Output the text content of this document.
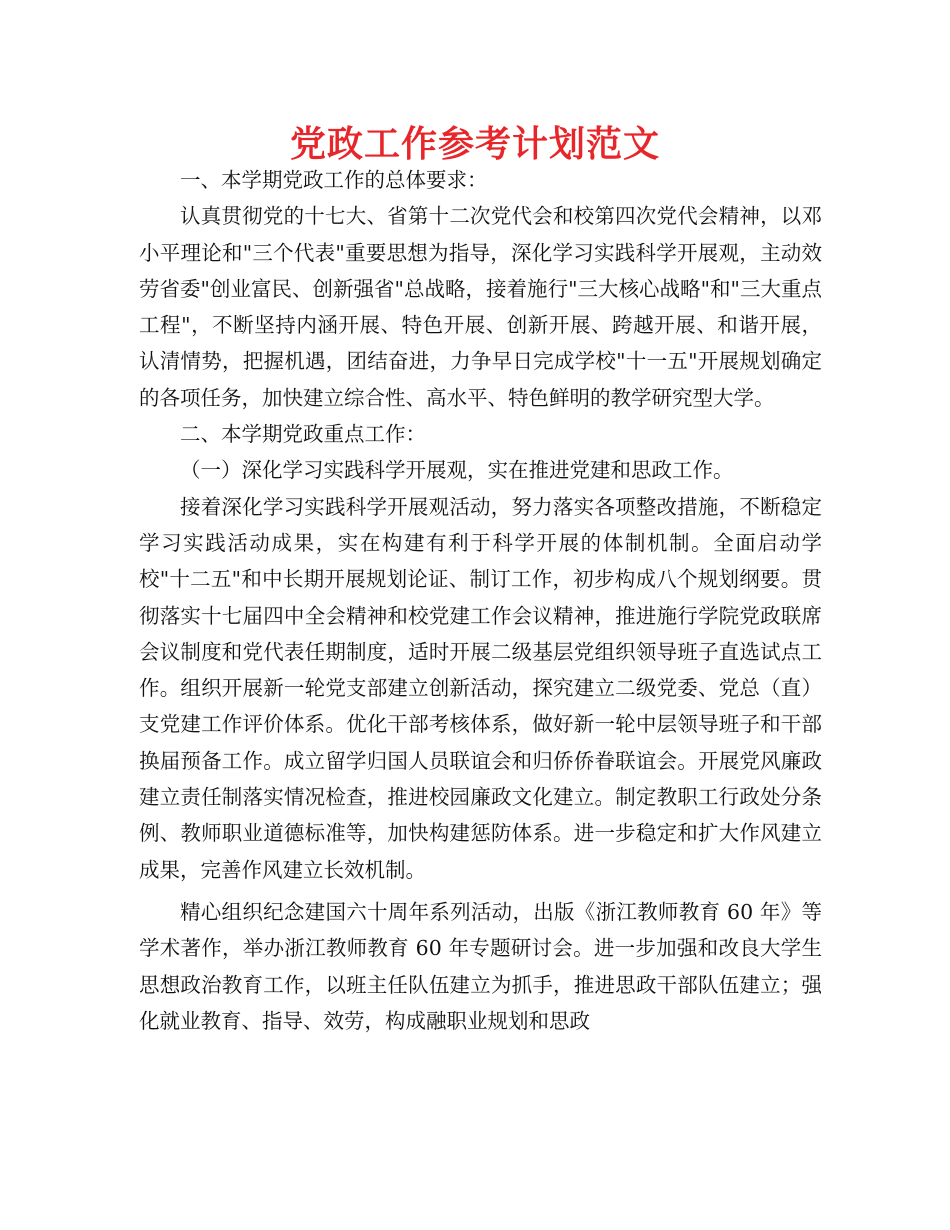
党政工作参考计划范文

一、本学期党政工作的总体要求：

认真贯彻党的十七大、省第十二次党代会和校第四次党代会精神，以邓小平理论和"三个代表"重要思想为指导，深化学习实践科学开展观，主动效劳省委"创业富民、创新强省"总战略，接着施行"三大核心战略"和"三大重点工程"，不断坚持内涵开展、特色开展、创新开展、跨越开展、和谐开展，认清情势，把握机遇，团结奋进，力争早日完成学校"十一五"开展规划确定的各项任务，加快建立综合性、高水平、特色鲜明的教学研究型大学。

二、本学期党政重点工作：

（一）深化学习实践科学开展观，实在推进党建和思政工作。

接着深化学习实践科学开展观活动，努力落实各项整改措施，不断稳定学习实践活动成果，实在构建有利于科学开展的体制机制。全面启动学校"十二五"和中长期开展规划论证、制订工作，初步构成八个规划纲要。贯彻落实十七届四中全会精神和校党建工作会议精神，推进施行学院党政联席会议制度和党代表任期制度，适时开展二级基层党组织领导班子直选试点工作。组织开展新一轮党支部建立创新活动，探究建立二级党委、党总（直）支党建工作评价体系。优化干部考核体系，做好新一轮中层领导班子和干部换届预备工作。成立留学归国人员联谊会和归侨侨眷联谊会。开展党风廉政建立责任制落实情况检查，推进校园廉政文化建立。制定教职工行政处分条例、教师职业道德标准等，加快构建惩防体系。进一步稳定和扩大作风建立成果，完善作风建立长效机制。

精心组织纪念建国六十周年系列活动，出版《浙江教师教育 60 年》等学术著作，举办浙江教师教育 60 年专题研讨会。进一步加强和改良大学生思想政治教育工作，以班主任队伍建立为抓手，推进思政干部队伍建立；强化就业教育、指导、效劳，构成融职业规划和思政
